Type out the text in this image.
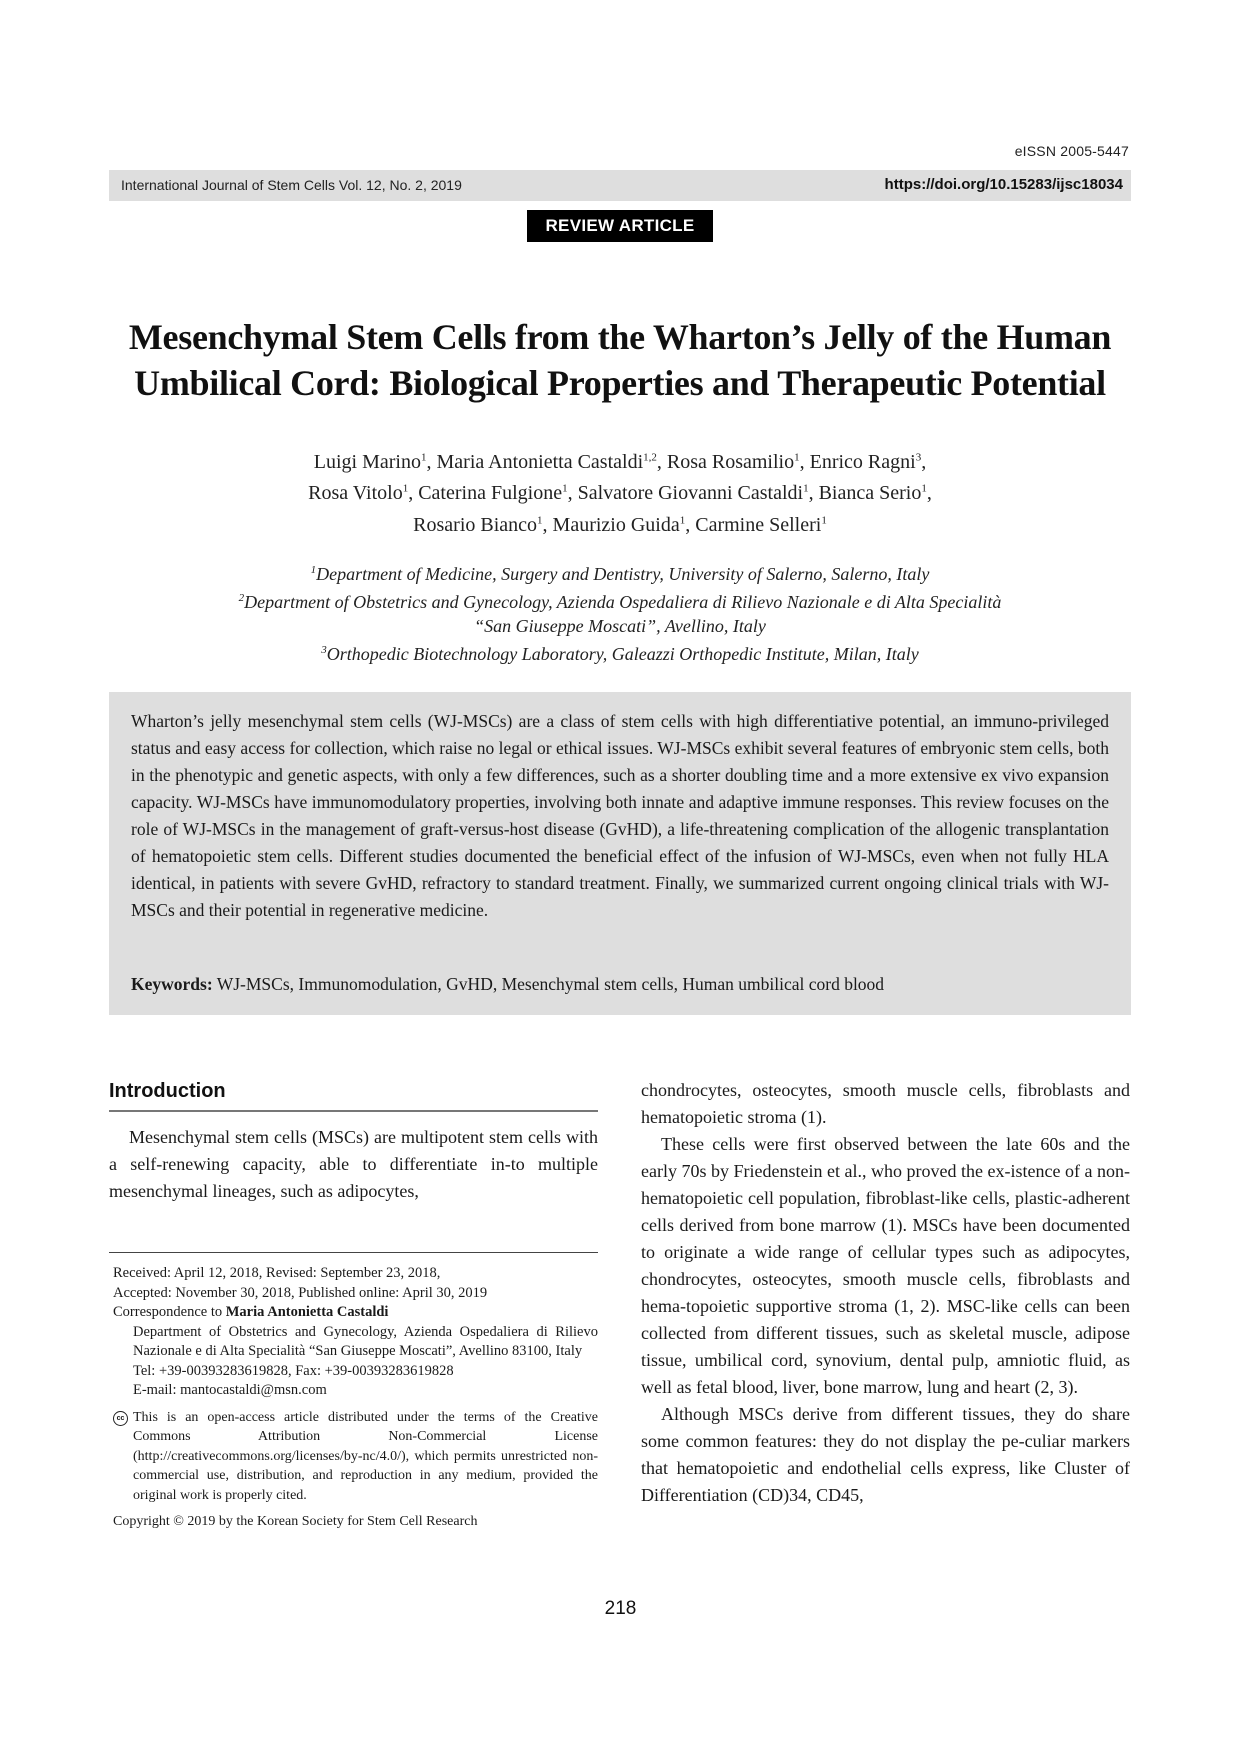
eISSN 2005-5447
International Journal of Stem Cells Vol. 12, No. 2, 2019	https://doi.org/10.15283/ijsc18034
REVIEW ARTICLE
Mesenchymal Stem Cells from the Wharton’s Jelly of the Human Umbilical Cord: Biological Properties and Therapeutic Potential
Luigi Marino$^1$, Maria Antonietta Castaldi$^{1,2}$, Rosa Rosamilio$^1$, Enrico Ragni$^3$,
Rosa Vitolo$^1$, Caterina Fulgione$^1$, Salvatore Giovanni Castaldi$^1$, Bianca Serio$^1$,
Rosario Bianco$^1$, Maurizio Guida$^1$, Carmine Selleri$^1$
$^1$Department of Medicine, Surgery and Dentistry, University of Salerno, Salerno, Italy
$^2$Department of Obstetrics and Gynecology, Azienda Ospedaliera di Rilievo Nazionale e di Alta Specialità
“San Giuseppe Moscati”, Avellino, Italy
$^3$Orthopedic Biotechnology Laboratory, Galeazzi Orthopedic Institute, Milan, Italy
Wharton’s jelly mesenchymal stem cells (WJ-MSCs) are a class of stem cells with high differentiative potential, an immuno-privileged status and easy access for collection, which raise no legal or ethical issues. WJ-MSCs exhibit several features of embryonic stem cells, both in the phenotypic and genetic aspects, with only a few differences, such as a shorter doubling time and a more extensive ex vivo expansion capacity. WJ-MSCs have immunomodulatory properties, involving both innate and adaptive immune responses. This review focuses on the role of WJ-MSCs in the management of graft-versus-host disease (GvHD), a life-threatening complication of the allogenic transplantation of hematopoietic stem cells. Different studies documented the beneficial effect of the infusion of WJ-MSCs, even when not fully HLA identical, in patients with severe GvHD, refractory to standard treatment. Finally, we summarized current ongoing clinical trials with WJ-MSCs and their potential in regenerative medicine.
Keywords: WJ-MSCs, Immunomodulation, GvHD, Mesenchymal stem cells, Human umbilical cord blood
Introduction
Mesenchymal stem cells (MSCs) are multipotent stem cells with a self-renewing capacity, able to differentiate in-to multiple mesenchymal lineages, such as adipocytes,
Received: April 12, 2018, Revised: September 23, 2018,
Accepted: November 30, 2018, Published online: April 30, 2019
Correspondence to Maria Antonietta Castaldi
Department of Obstetrics and Gynecology, Azienda Ospedaliera di Rilievo Nazionale e di Alta Specialità “San Giuseppe Moscati”, Avellino 83100, Italy
Tel: +39-00393283619828, Fax: +39-00393283619828
E-mail: mantocastaldi@msn.com
cc This is an open-access article distributed under the terms of the Creative Commons Attribution Non-Commercial License (http://creativecommons.org/licenses/by-nc/4.0/), which permits unrestricted non-commercial use, distribution, and reproduction in any medium, provided the original work is properly cited.
Copyright © 2019 by the Korean Society for Stem Cell Research

chondrocytes, osteocytes, smooth muscle cells, fibroblasts and hematopoietic stroma (1).

These cells were first observed between the late 60s and the early 70s by Friedenstein et al., who proved the ex-istence of a non-hematopoietic cell population, fibroblast-like cells, plastic-adherent cells derived from bone marrow (1). MSCs have been documented to originate a wide range of cellular types such as adipocytes, chondrocytes, osteocytes, smooth muscle cells, fibroblasts and hema-topoietic supportive stroma (1, 2). MSC-like cells can been collected from different tissues, such as skeletal muscle, adipose tissue, umbilical cord, synovium, dental pulp, amniotic fluid, as well as fetal blood, liver, bone marrow, lung and heart (2, 3).

Although MSCs derive from different tissues, they do share some common features: they do not display the pe-culiar markers that hematopoietic and endothelial cells express, like Cluster of Differentiation (CD)34, CD45,

218
